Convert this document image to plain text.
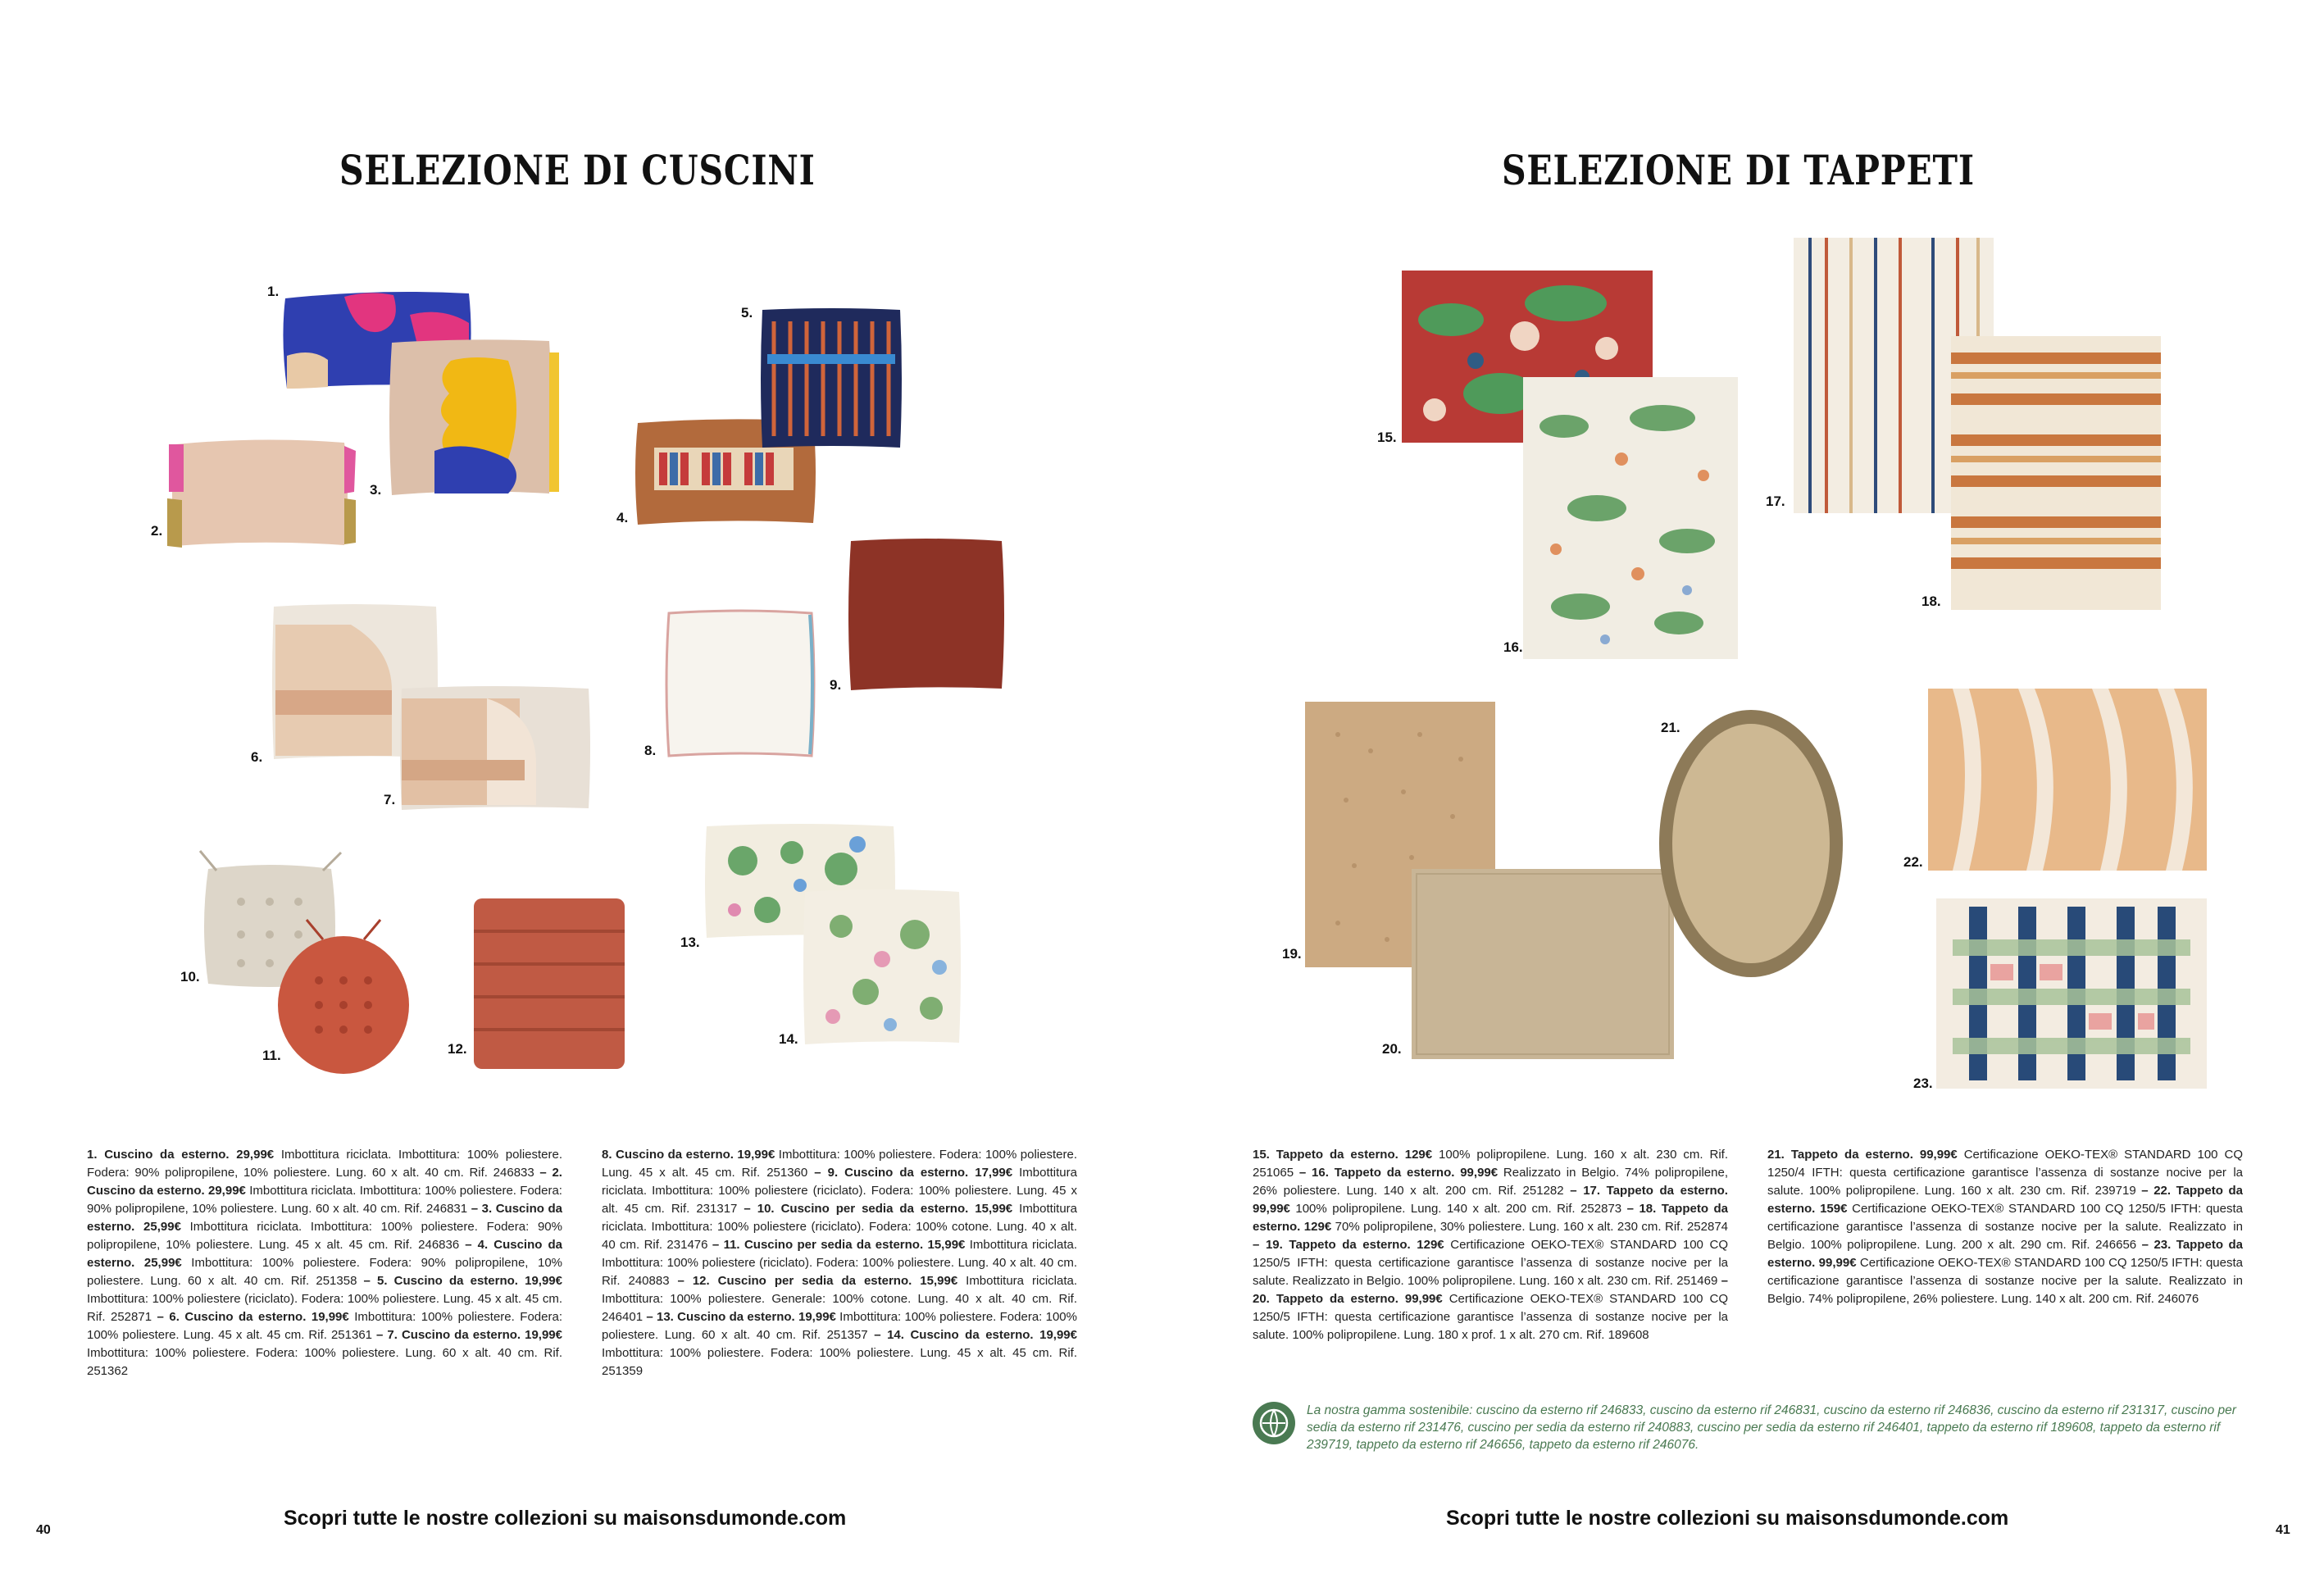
SELEZIONE DI CUSCINI
1.
2.
3.
4.
5.
6.
7.
8.
9.
10.
11.	12.
13.
14.
1. Cuscino da esterno. 29,99€ Imbottitura riciclata. Imbottitura: 100% poliestere. Fodera: 90% polipropilene, 10% poliestere. Lung. 60 x alt. 40 cm. Rif. 246833 – 2. Cuscino da esterno. 29,99€ Imbottitura riciclata. Imbottitura: 100% poliestere. Fodera: 90% polipropilene, 10% poliestere. Lung. 60 x alt. 40 cm. Rif. 246831 – 3. Cuscino da esterno. 25,99€ Imbottitura riciclata. Imbottitura: 100% poliestere. Fodera: 90% polipropilene, 10% poliestere. Lung. 45 x alt. 45 cm. Rif. 246836 – 4. Cuscino da esterno. 25,99€ Imbottitura: 100% poliestere. Fodera: 90% polipropilene, 10% poliestere. Lung. 60 x alt. 40 cm. Rif. 251358 – 5. Cuscino da esterno. 19,99€ Imbottitura: 100% poliestere (riciclato). Fodera: 100% poliestere. Lung. 45 x alt. 45 cm. Rif. 252871 – 6. Cuscino da esterno. 19,99€ Imbottitura: 100% poliestere. Fodera: 100% poliestere. Lung. 45 x alt. 45 cm. Rif. 251361 – 7. Cuscino da esterno. 19,99€ Imbottitura: 100% poliestere. Fodera: 100% poliestere. Lung. 60 x alt. 40 cm. Rif. 251362
8. Cuscino da esterno. 19,99€ Imbottitura: 100% poliestere. Fodera: 100% poliestere. Lung. 45 x alt. 45 cm. Rif. 251360 – 9. Cuscino da esterno. 17,99€ Imbottitura riciclata. Imbottitura: 100% poliestere (riciclato). Fodera: 100% poliestere. Lung. 45 x alt. 45 cm. Rif. 231317 – 10. Cuscino per sedia da esterno. 15,99€ Imbottitura riciclata. Imbottitura: 100% poliestere (riciclato). Fodera: 100% cotone. Lung. 40 x alt. 40 cm. Rif. 231476 – 11. Cuscino per sedia da esterno. 15,99€ Imbottitura riciclata. Imbottitura: 100% poliestere (riciclato). Fodera: 100% poliestere. Lung. 40 x alt. 40 cm. Rif. 240883 – 12. Cuscino per sedia da esterno. 15,99€ Imbottitura riciclata. Imbottitura: 100% poliestere. Generale: 100% cotone. Lung. 40 x alt. 40 cm. Rif. 246401 – 13. Cuscino da esterno. 19,99€ Imbottitura: 100% poliestere. Fodera: 100% poliestere. Lung. 60 x alt. 40 cm. Rif. 251357 – 14. Cuscino da esterno. 19,99€ Imbottitura: 100% poliestere. Fodera: 100% poliestere. Lung. 45 x alt. 45 cm. Rif. 251359
40
Scopri tutte le nostre collezioni su maisonsdumonde.com
SELEZIONE DI TAPPETI
15.
16.
17.
18.
19.
20.
21.
22.
23.
15. Tappeto da esterno. 129€ 100% polipropilene. Lung. 160 x alt. 230 cm. Rif. 251065 – 16. Tappeto da esterno. 99,99€ Realizzato in Belgio. 74% polipropilene, 26% poliestere. Lung. 140 x alt. 200 cm. Rif. 251282 – 17. Tappeto da esterno. 99,99€ 100% polipropilene. Lung. 140 x alt. 200 cm. Rif. 252873 – 18. Tappeto da esterno. 129€ 70% polipropilene, 30% poliestere. Lung. 160 x alt. 230 cm. Rif. 252874 – 19. Tappeto da esterno. 129€ Certificazione OEKO-TEX® STANDARD 100 CQ 1250/5 IFTH: questa certificazione garantisce l’assenza di sostanze nocive per la salute. Realizzato in Belgio. 100% polipropilene. Lung. 160 x alt. 230 cm. Rif. 251469 – 20. Tappeto da esterno. 99,99€ Certificazione OEKO-TEX® STANDARD 100 CQ 1250/5 IFTH: questa certificazione garantisce l’assenza di sostanze nocive per la salute. 100% polipropilene. Lung. 180 x prof. 1 x alt. 270 cm. Rif. 189608
21. Tappeto da esterno. 99,99€ Certificazione OEKO-TEX® STANDARD 100 CQ 1250/4 IFTH: questa certificazione garantisce l’assenza di sostanze nocive per la salute. 100% polipropilene. Lung. 160 x alt. 230 cm. Rif. 239719 – 22. Tappeto da esterno. 159€ Certificazione OEKO-TEX® STANDARD 100 CQ 1250/5 IFTH: questa certificazione garantisce l’assenza di sostanze nocive per la salute. Realizzato in Belgio. 100% polipropilene. Lung. 200 x alt. 290 cm. Rif. 246656 – 23. Tappeto da esterno. 99,99€ Certificazione OEKO-TEX® STANDARD 100 CQ 1250/5 IFTH: questa certificazione garantisce l’assenza di sostanze nocive per la salute. Realizzato in Belgio. 74% polipropilene, 26% poliestere. Lung. 140 x alt. 200 cm. Rif. 246076
La nostra gamma sostenibile: cuscino da esterno rif 246833, cuscino da esterno rif 246831, cuscino da esterno rif 246836, cuscino da esterno rif 231317, cuscino per sedia da esterno rif 231476, cuscino per sedia da esterno rif 240883, cuscino per sedia da esterno rif 246401, tappeto da esterno rif 189608, tappeto da esterno rif 239719, tappeto da esterno rif 246656, tappeto da esterno rif 246076.
Scopri tutte le nostre collezioni su maisonsdumonde.com
41
